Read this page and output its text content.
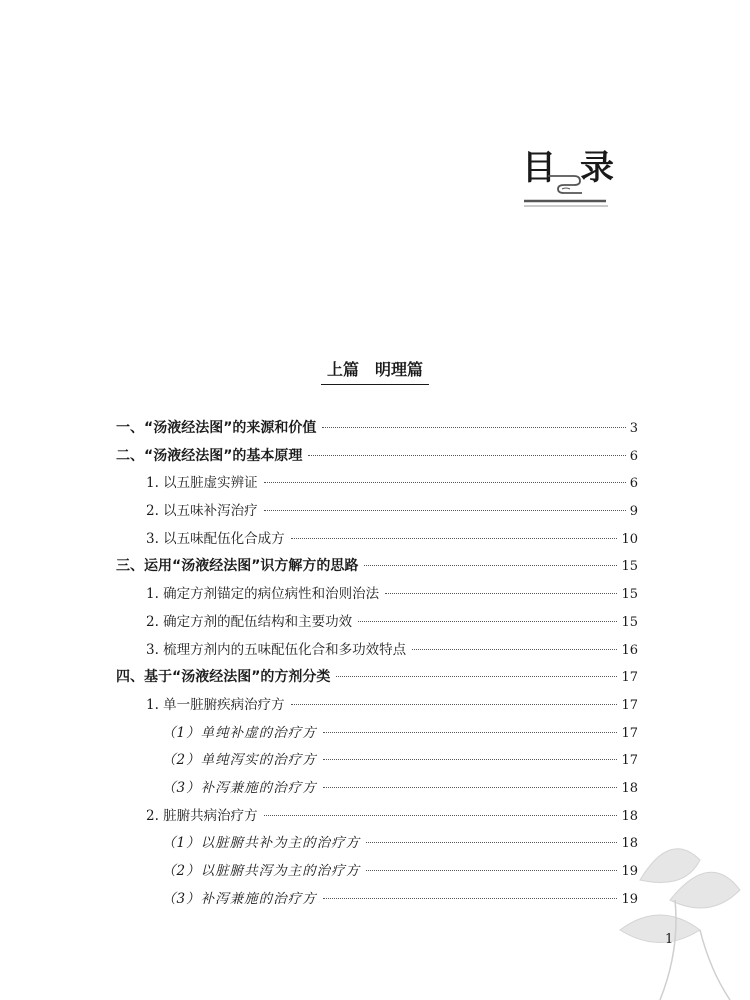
目 录
上篇　明理篇
一、“汤液经法图”的来源和价值	3
二、“汤液经法图”的基本原理	6
1. 以五脏虚实辨证	6
2. 以五味补泻治疗	9
3. 以五味配伍化合成方	10
三、运用“汤液经法图”识方解方的思路	15
1. 确定方剂锚定的病位病性和治则治法	15
2. 确定方剂的配伍结构和主要功效	15
3. 梳理方剂内的五味配伍化合和多功效特点	16
四、基于“汤液经法图”的方剂分类	17
1. 单一脏腑疾病治疗方	17
（1）单纯补虚的治疗方	17
（2）单纯泻实的治疗方	17
（3）补泻兼施的治疗方	18
2. 脏腑共病治疗方	18
（1）以脏腑共补为主的治疗方	18
（2）以脏腑共泻为主的治疗方	19
（3）补泻兼施的治疗方	19
1
